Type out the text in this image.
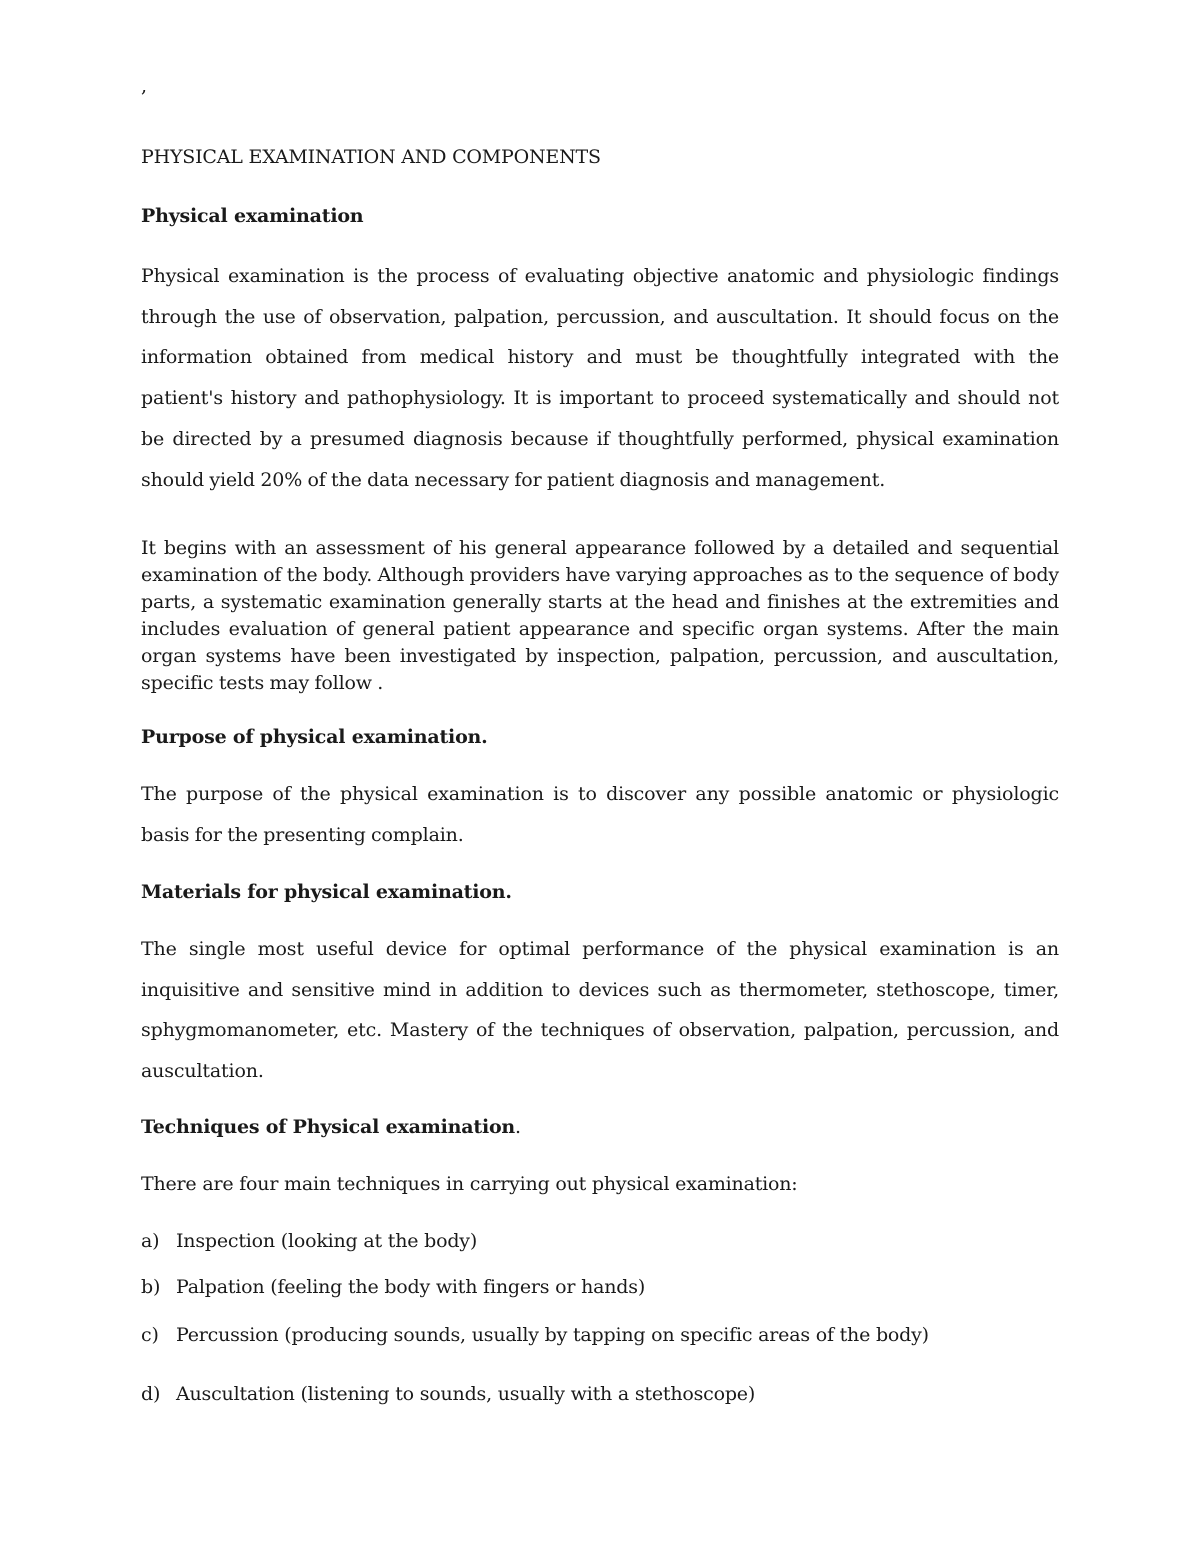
,

PHYSICAL EXAMINATION AND COMPONENTS

Physical examination

Physical examination is the process of evaluating objective anatomic and physiologic findings through the use of observation, palpation, percussion, and auscultation. It should focus on the information obtained from medical history and must be thoughtfully integrated with the patient's history and pathophysiology. It is important to proceed systematically and should not be directed by a presumed diagnosis because if thoughtfully performed, physical examination should yield 20% of the data necessary for patient diagnosis and management.

It begins with an assessment of his general appearance followed by a detailed and sequential examination of the body. Although providers have varying approaches as to the sequence of body parts, a systematic examination generally starts at the head and finishes at the extremities and includes evaluation of general patient appearance and specific organ systems. After the main organ systems have been investigated by inspection, palpation, percussion, and auscultation, specific tests may follow .

Purpose of physical examination.

The purpose of the physical examination is to discover any possible anatomic or physiologic basis for the presenting complain.

Materials for physical examination.

The single most useful device for optimal performance of the physical examination is an inquisitive and sensitive mind in addition to devices such as thermometer, stethoscope, timer, sphygmomanometer, etc. Mastery of the techniques of observation, palpation, percussion, and auscultation.

Techniques of Physical examination.

There are four main techniques in carrying out physical examination:

a) Inspection (looking at the body)
b) Palpation (feeling the body with fingers or hands)
c) Percussion (producing sounds, usually by tapping on specific areas of the body)
d) Auscultation (listening to sounds, usually with a stethoscope)
